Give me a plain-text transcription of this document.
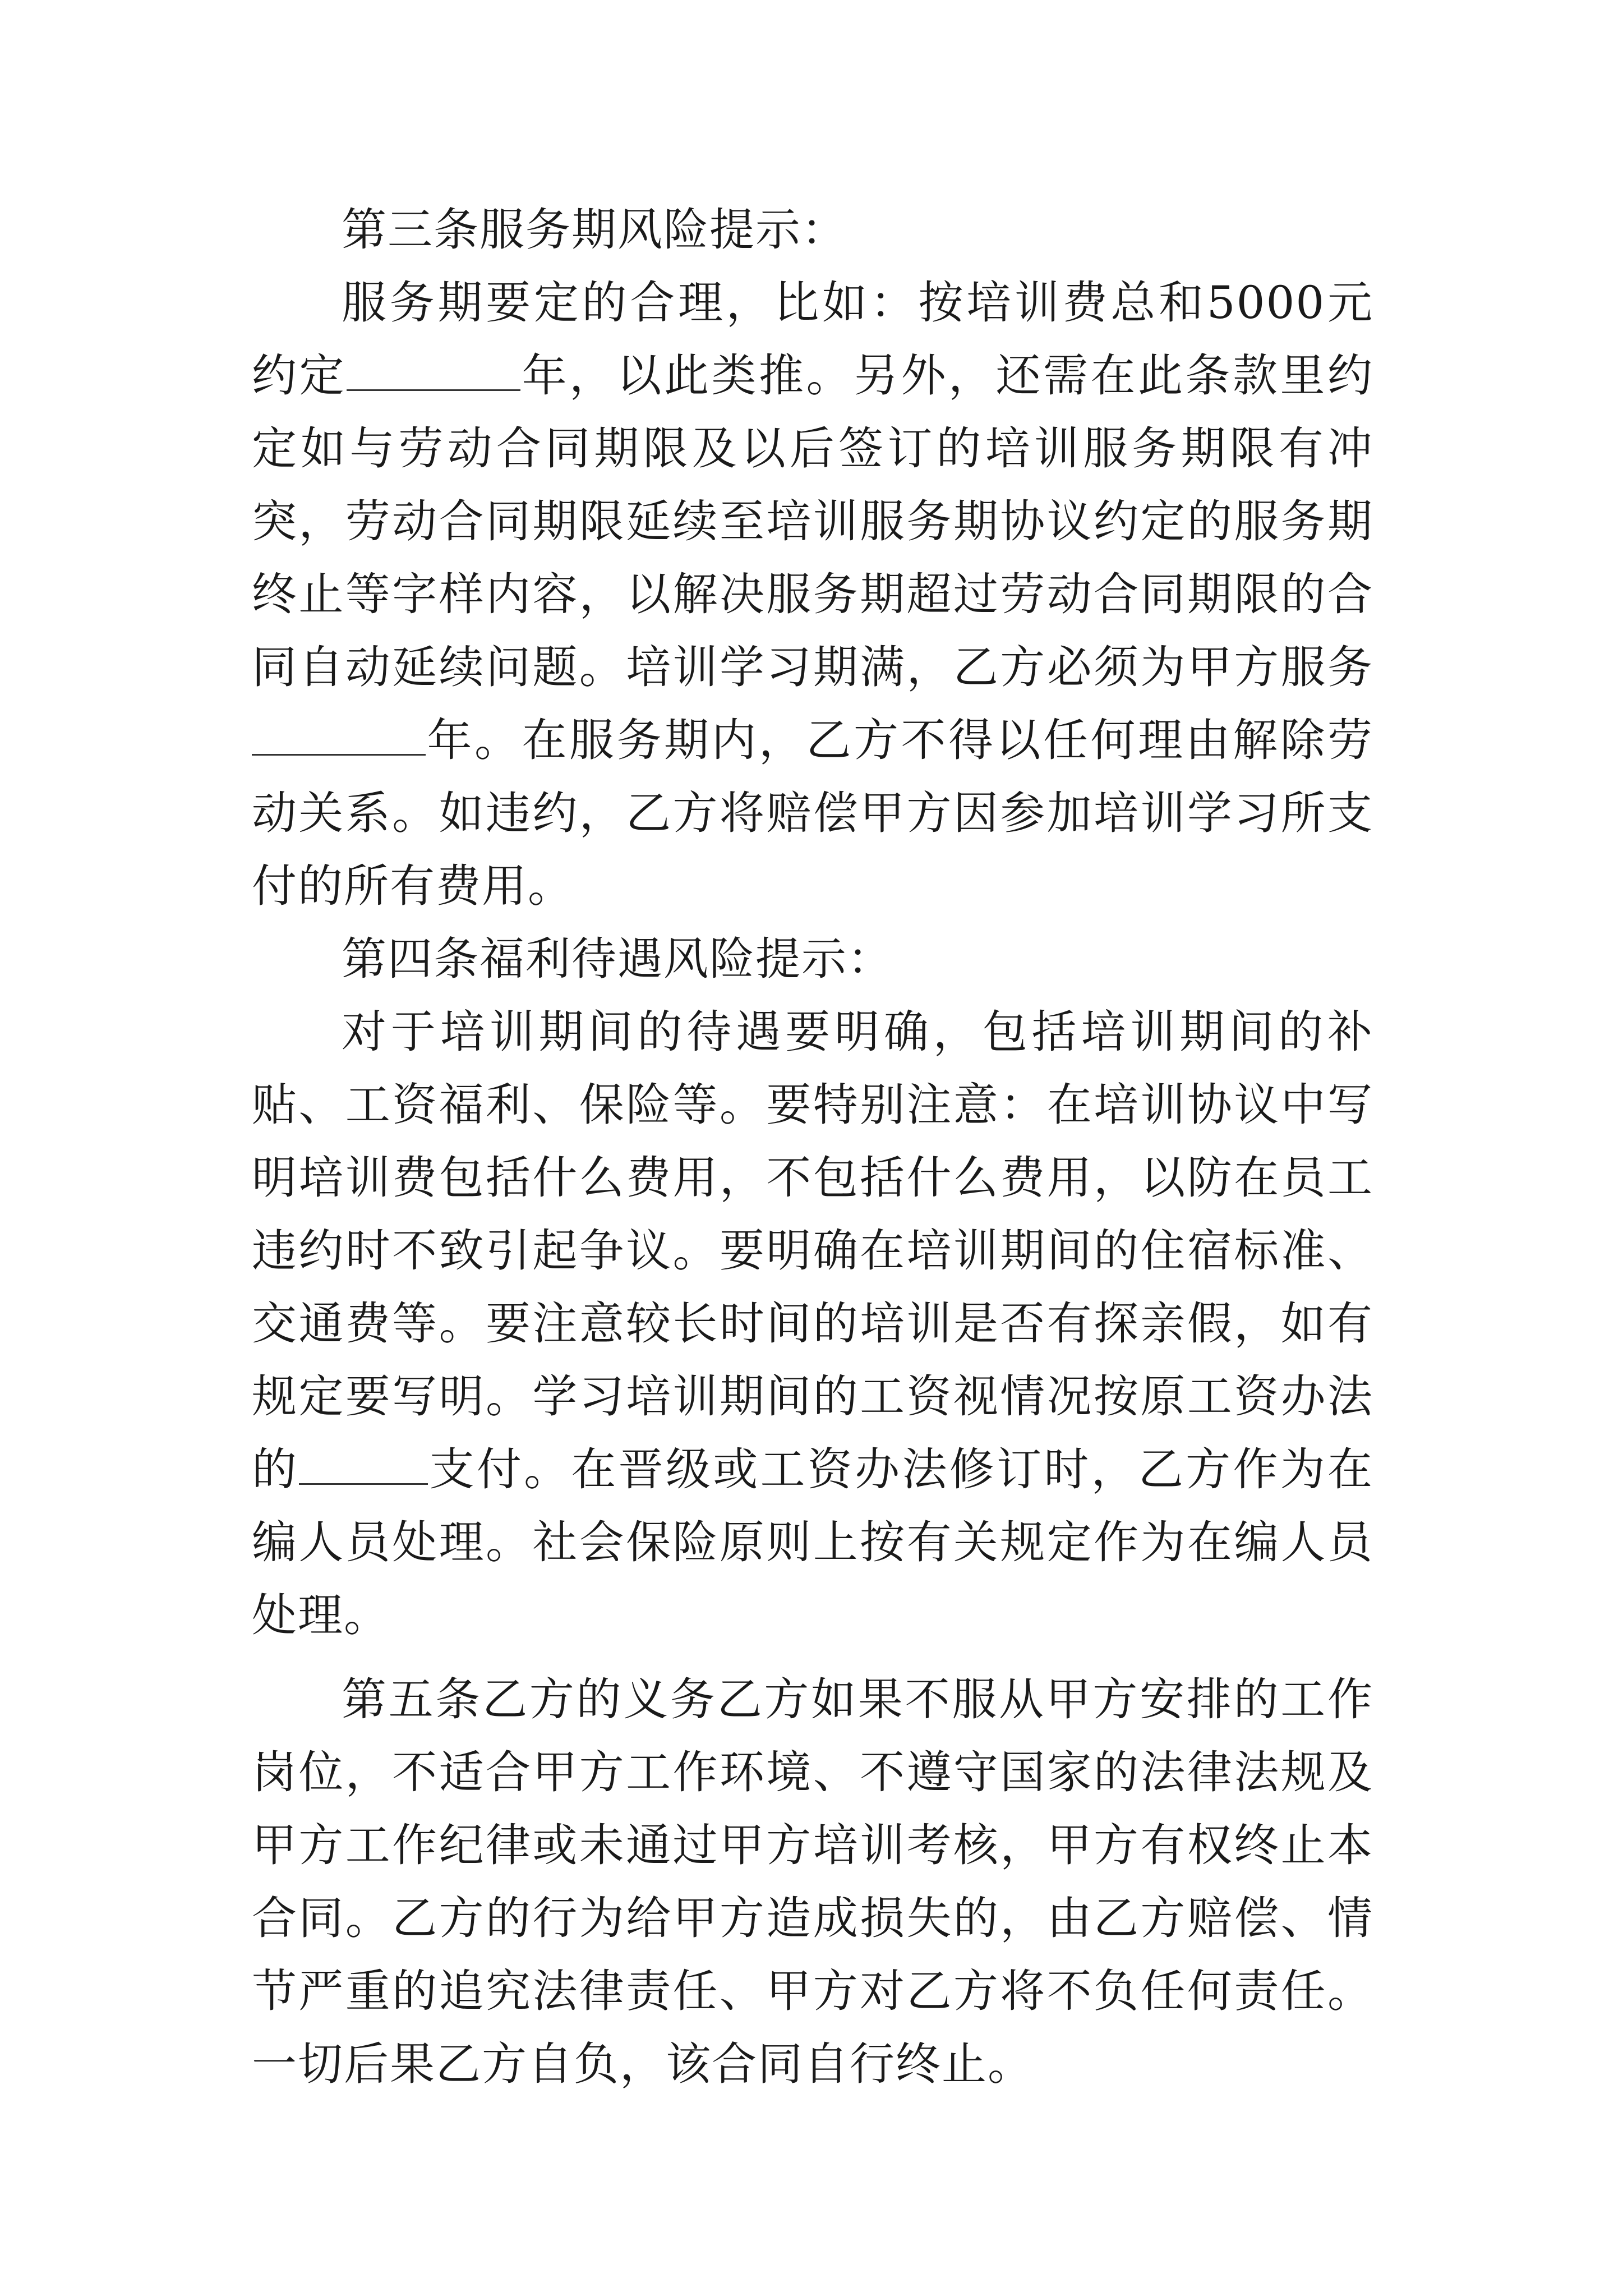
第三条服务期风险提示：

服务期要定的合理，比如：按培训费总和5000元约定	年，以此类推。另外，还需在此条款里约定如与劳动合同期限及以后签订的培训服务期限有冲突，劳动合同期限延续至培训服务期协议约定的服务期终止等字样内容，以解决服务期超过劳动合同期限的合同自动延续问题。培训学习期满，乙方必须为甲方服务年。在服务期内，乙方不得以任何理由解除劳动关系。如违约，乙方将赔偿甲方因参加培训学习所支付的所有费用。

第四条福利待遇风险提示：

对于培训期间的待遇要明确，包括培训期间的补贴、工资福利、保险等。要特别注意：在培训协议中写明培训费包括什么费用，不包括什么费用，以防在员工违约时不致引起争议。要明确在培训期间的住宿标准、交通费等。要注意较长时间的培训是否有探亲假，如有规定要写明。学习培训期间的工资视情况按原工资办法的	支付。在晋级或工资办法修订时，乙方作为在编人员处理。社会保险原则上按有关规定作为在编人员处理。

第五条乙方的义务乙方如果不服从甲方安排的工作岗位，不适合甲方工作环境、不遵守国家的法律法规及甲方工作纪律或未通过甲方培训考核，甲方有权终止本合同。乙方的行为给甲方造成损失的，由乙方赔偿、情节严重的追究法律责任、甲方对乙方将不负任何责任。一切后果乙方自负，该合同自行终止。
